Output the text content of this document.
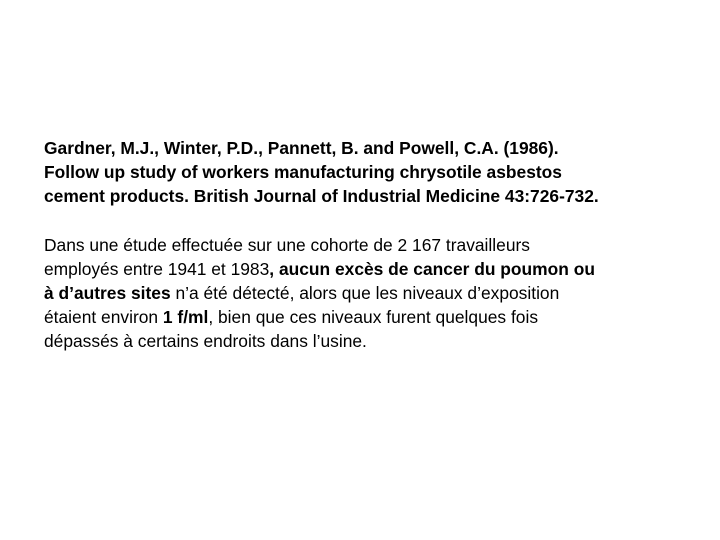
Gardner, M.J., Winter, P.D., Pannett, B. and Powell, C.A. (1986).
Follow up study of workers manufacturing chrysotile asbestos
cement products. British Journal of Industrial Medicine 43:726-732.

Dans une étude effectuée sur une cohorte de 2 167 travailleurs
employés entre 1941 et 1983, aucun excès de cancer du poumon ou
à d’autres sites n’a été détecté, alors que les niveaux d’exposition
étaient environ 1 f/ml, bien que ces niveaux furent quelques fois
dépassés à certains endroits dans l’usine.
